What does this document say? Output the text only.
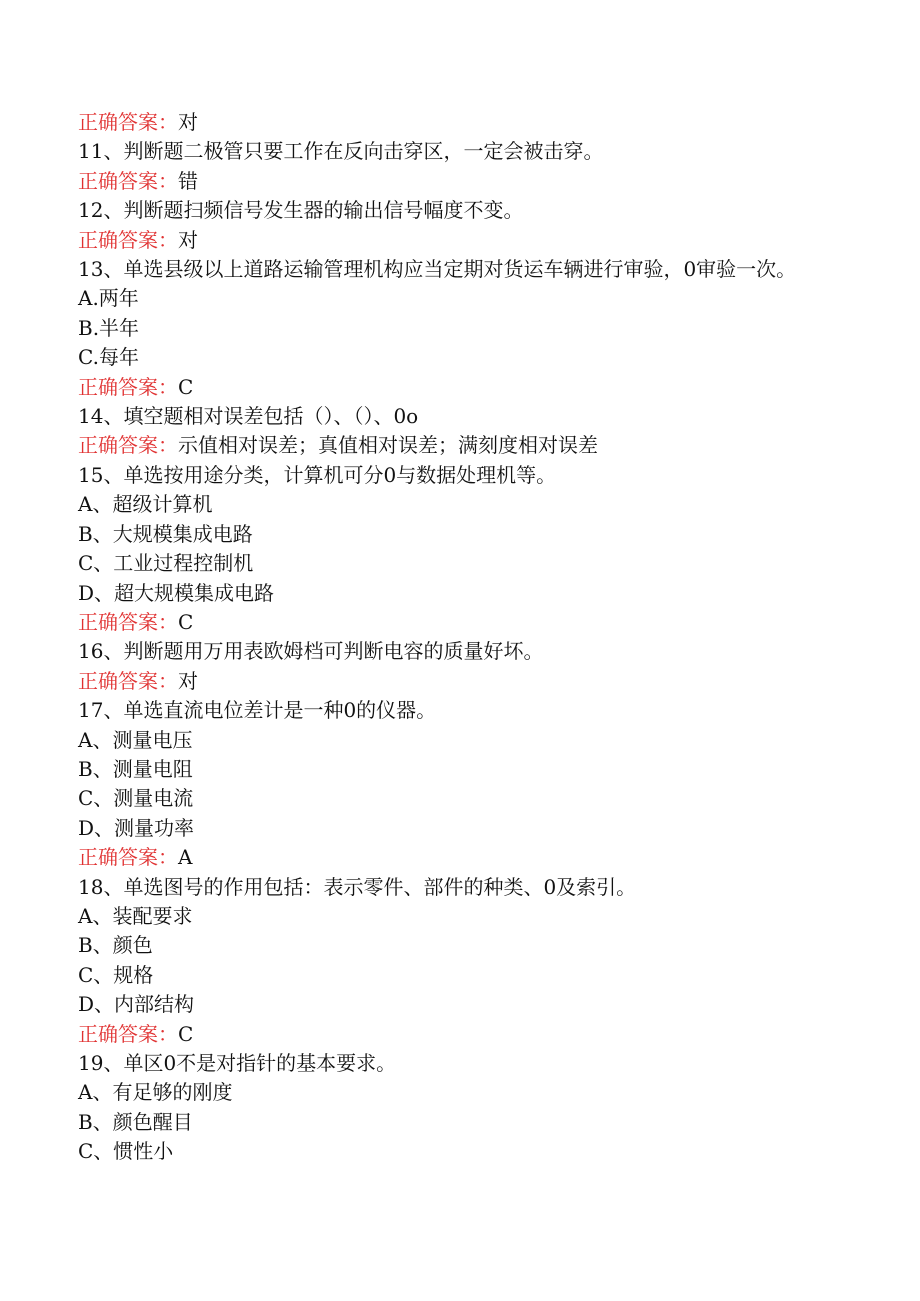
正确答案：对

11、判断题二极管只要工作在反向击穿区，一定会被击穿。

正确答案：错

12、判断题扫频信号发生器的输出信号幅度不变。

正确答案：对

13、单选县级以上道路运输管理机构应当定期对货运车辆进行审验，0审验一次。

A.两年

B.半年

C.每年

正确答案：C

14、填空题相对误差包括（）、（）、0o

正确答案：示值相对误差；真值相对误差；满刻度相对误差

15、单选按用途分类，计算机可分0与数据处理机等。

A、超级计算机

B、大规模集成电路

C、工业过程控制机

D、超大规模集成电路

正确答案：C

16、判断题用万用表欧姆档可判断电容的质量好坏。

正确答案：对

17、单选直流电位差计是一种0的仪器。

A、测量电压

B、测量电阻

C、测量电流

D、测量功率

正确答案：A

18、单选图号的作用包括：表示零件、部件的种类、0及索引。

A、装配要求

B、颜色

C、规格

D、内部结构

正确答案：C

19、单区0不是对指针的基本要求。

A、有足够的刚度

B、颜色醒目

C、惯性小
